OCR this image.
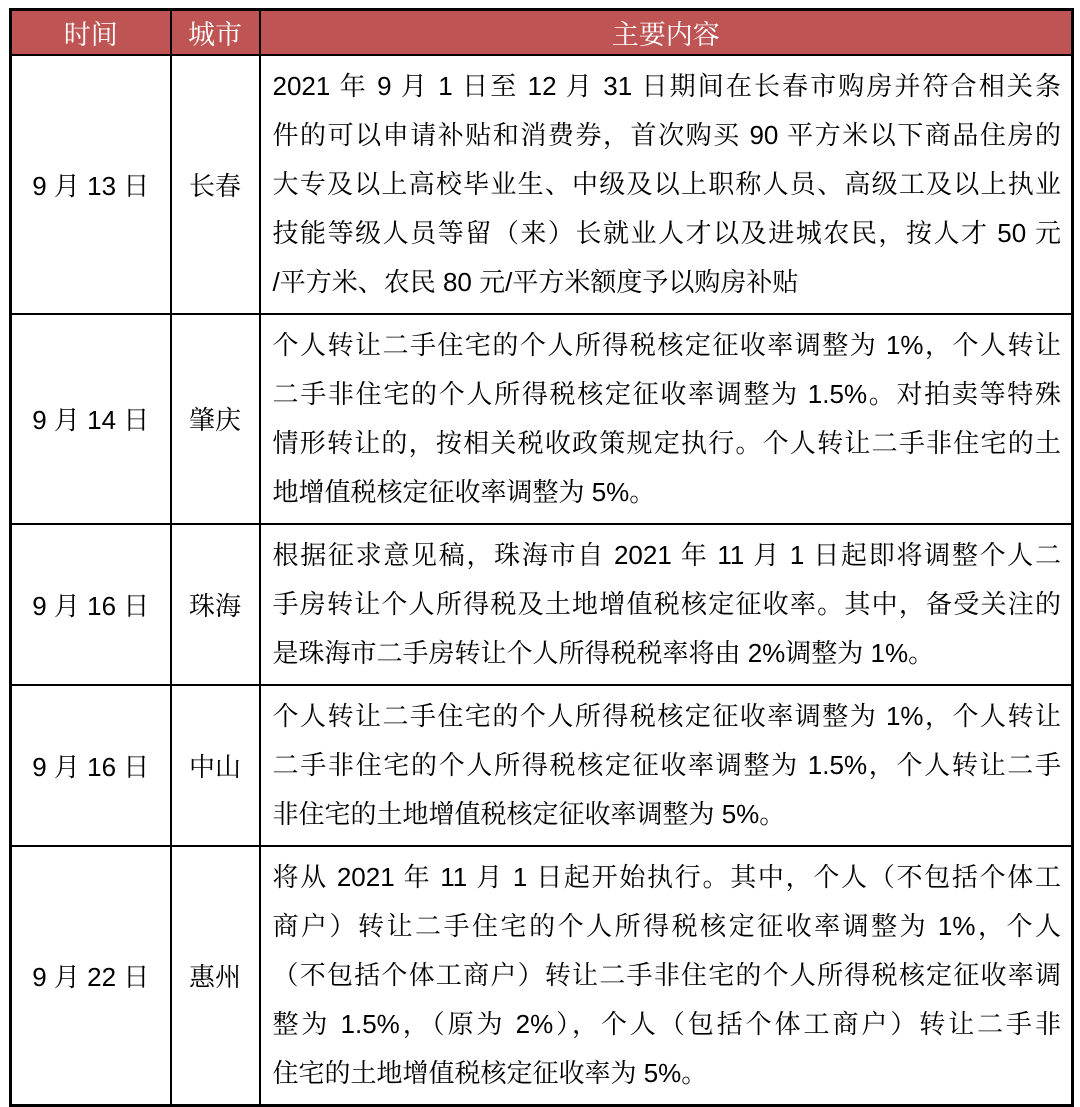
时间	城市	主要内容
9 月 13 日	长春	2021 年 9 月 1 日至 12 月 31 日期间在长春市购房并符合相关条
件的可以申请补贴和消费券，首次购买 90 平方米以下商品住房的
大专及以上高校毕业生、中级及以上职称人员、高级工及以上执业
技能等级人员等留（来）长就业人才以及进城农民，按人才 50 元
/平方米、农民 80 元/平方米额度予以购房补贴

9 月 14 日	肇庆	个人转让二手住宅的个人所得税核定征收率调整为 1%，个人转让
二手非住宅的个人所得税核定征收率调整为 1.5%。对拍卖等特殊
情形转让的，按相关税收政策规定执行。个人转让二手非住宅的土
地增值税核定征收率调整为 5%。

9 月 16 日	珠海	根据征求意见稿，珠海市自 2021 年 11 月 1 日起即将调整个人二
手房转让个人所得税及土地增值税核定征收率。其中，备受关注的
是珠海市二手房转让个人所得税税率将由 2%调整为 1%。

9 月 16 日	中山	个人转让二手住宅的个人所得税核定征收率调整为 1%，个人转让
二手非住宅的个人所得税核定征收率调整为 1.5%，个人转让二手
非住宅的土地增值税核定征收率调整为 5%。

9 月 22 日	惠州	将从 2021 年 11 月 1 日起开始执行。其中，个人（不包括个体工
商户）转让二手住宅的个人所得税核定征收率调整为 1%，个人
（不包括个体工商户）转让二手非住宅的个人所得税核定征收率调
整为 1.5%，（原为 2%），个人（包括个体工商户）转让二手非
住宅的土地增值税核定征收率为 5%。
